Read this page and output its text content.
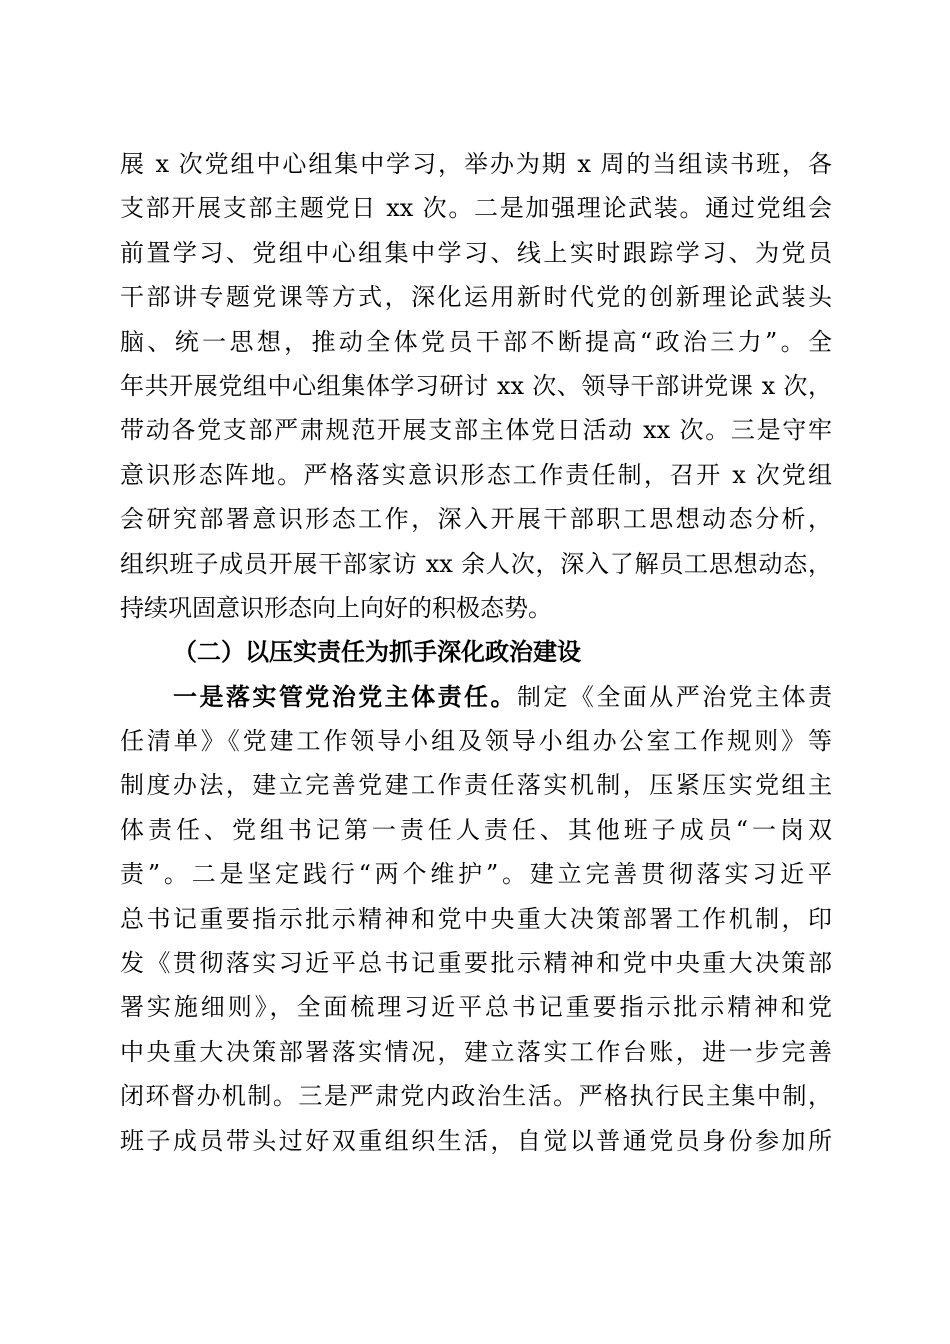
展 x 次党组中心组集中学习，举办为期 x 周的当组读书班，各
支部开展支部主题党日 xx 次。二是加强理论武装。通过党组会
前置学习、党组中心组集中学习、线上实时跟踪学习、为党员
干部讲专题党课等方式，深化运用新时代党的创新理论武装头
脑、统一思想，推动全体党员干部不断提高“政治三力”。全
年共开展党组中心组集体学习研讨 xx 次、领导干部讲党课 x 次，
带动各党支部严肃规范开展支部主体党日活动 xx 次。三是守牢
意识形态阵地。严格落实意识形态工作责任制，召开 x 次党组
会研究部署意识形态工作，深入开展干部职工思想动态分析，
组织班子成员开展干部家访 xx 余人次，深入了解员工思想动态，
持续巩固意识形态向上向好的积极态势。
（二）以压实责任为抓手深化政治建设
一是落实管党治党主体责任。制定《全面从严治党主体责
任清单》《党建工作领导小组及领导小组办公室工作规则》等
制度办法，建立完善党建工作责任落实机制，压紧压实党组主
体责任、党组书记第一责任人责任、其他班子成员“一岗双
责”。二是坚定践行“两个维护”。建立完善贯彻落实习近平
总书记重要指示批示精神和党中央重大决策部署工作机制，印
发《贯彻落实习近平总书记重要批示精神和党中央重大决策部
署实施细则》，全面梳理习近平总书记重要指示批示精神和党
中央重大决策部署落实情况，建立落实工作台账，进一步完善
闭环督办机制。三是严肃党内政治生活。严格执行民主集中制，
班子成员带头过好双重组织生活，自觉以普通党员身份参加所
